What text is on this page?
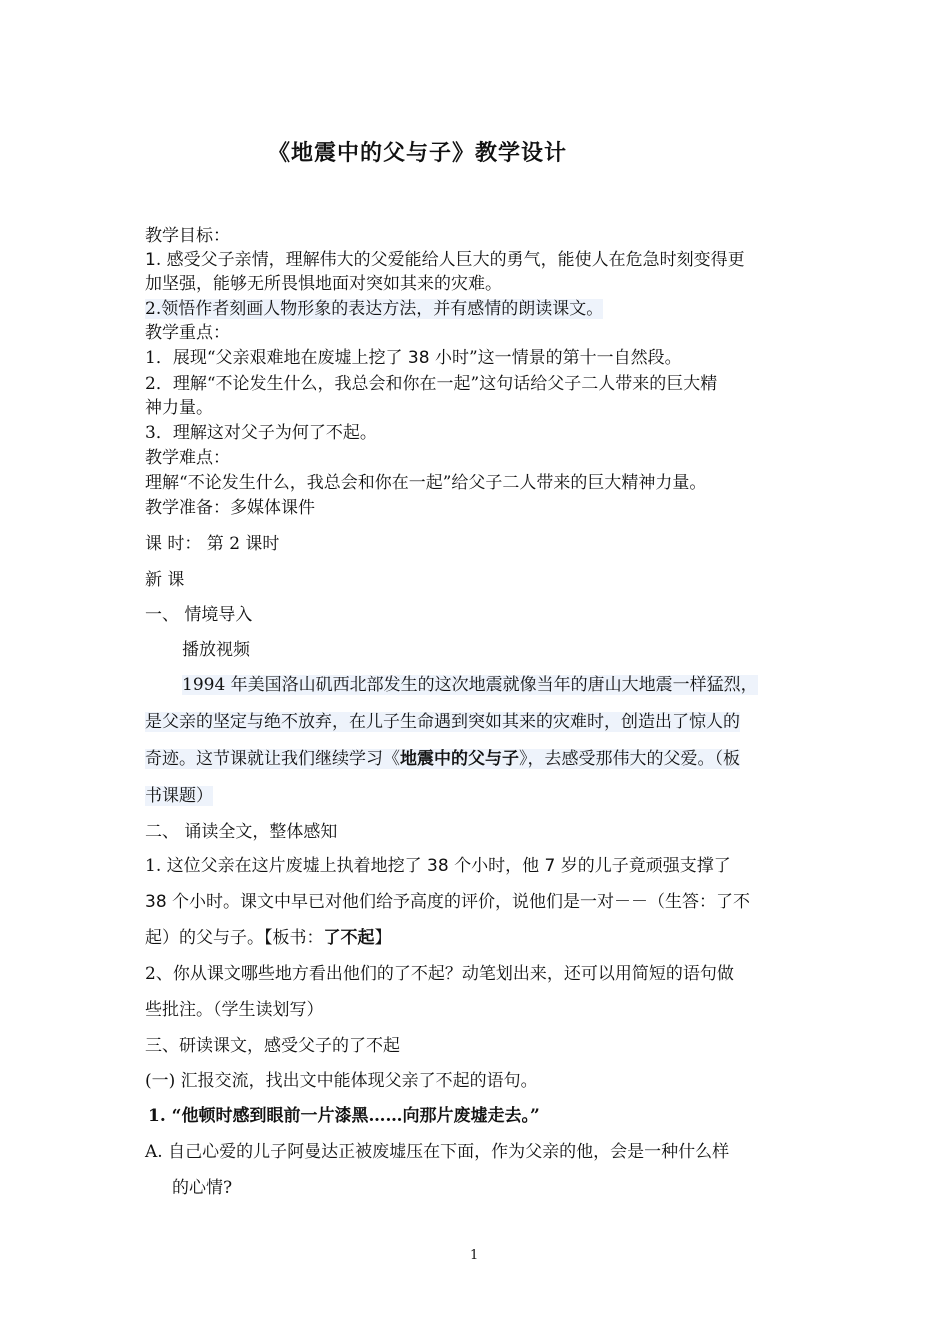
《地震中的父与子》教学设计
教学目标：
1. 感受父子亲情，理解伟大的父爱能给人巨大的勇气，能使人在危急时刻变得更
加坚强，能够无所畏惧地面对突如其来的灾难。
2.领悟作者刻画人物形象的表达方法，并有感情的朗读课文。
教学重点：
1．展现“父亲艰难地在废墟上挖了 38 小时”这一情景的第十一自然段。
2．理解“不论发生什么，我总会和你在一起”这句话给父子二人带来的巨大精
神力量。
3．理解这对父子为何了不起。
教学难点：
理解“不论发生什么，我总会和你在一起”给父子二人带来的巨大精神力量。
教学准备：多媒体课件
课 时： 第 2 课时
新 课
一、 情境导入
播放视频
1994 年美国洛山矶西北部发生的这次地震就像当年的唐山大地震一样猛烈，
是父亲的坚定与绝不放弃，在儿子生命遇到突如其来的灾难时，创造出了惊人的
奇迹。这节课就让我们继续学习《地震中的父与子》，去感受那伟大的父爱。（板
书课题）
二、 诵读全文，整体感知
1. 这位父亲在这片废墟上执着地挖了 38 个小时，他 7 岁的儿子竟顽强支撑了
38 个小时。课文中早已对他们给予高度的评价，说他们是一对－－（生答：了不
起）的父与子。【板书：了不起】
2、你从课文哪些地方看出他们的了不起？动笔划出来，还可以用简短的语句做
些批注。（学生读划写）
三、研读课文，感受父子的了不起
(一) 汇报交流，找出文中能体现父亲了不起的语句。
1. “他顿时感到眼前一片漆黑……向那片废墟走去。”
A. 自己心爱的儿子阿曼达正被废墟压在下面，作为父亲的他，会是一种什么样
的心情?
1
